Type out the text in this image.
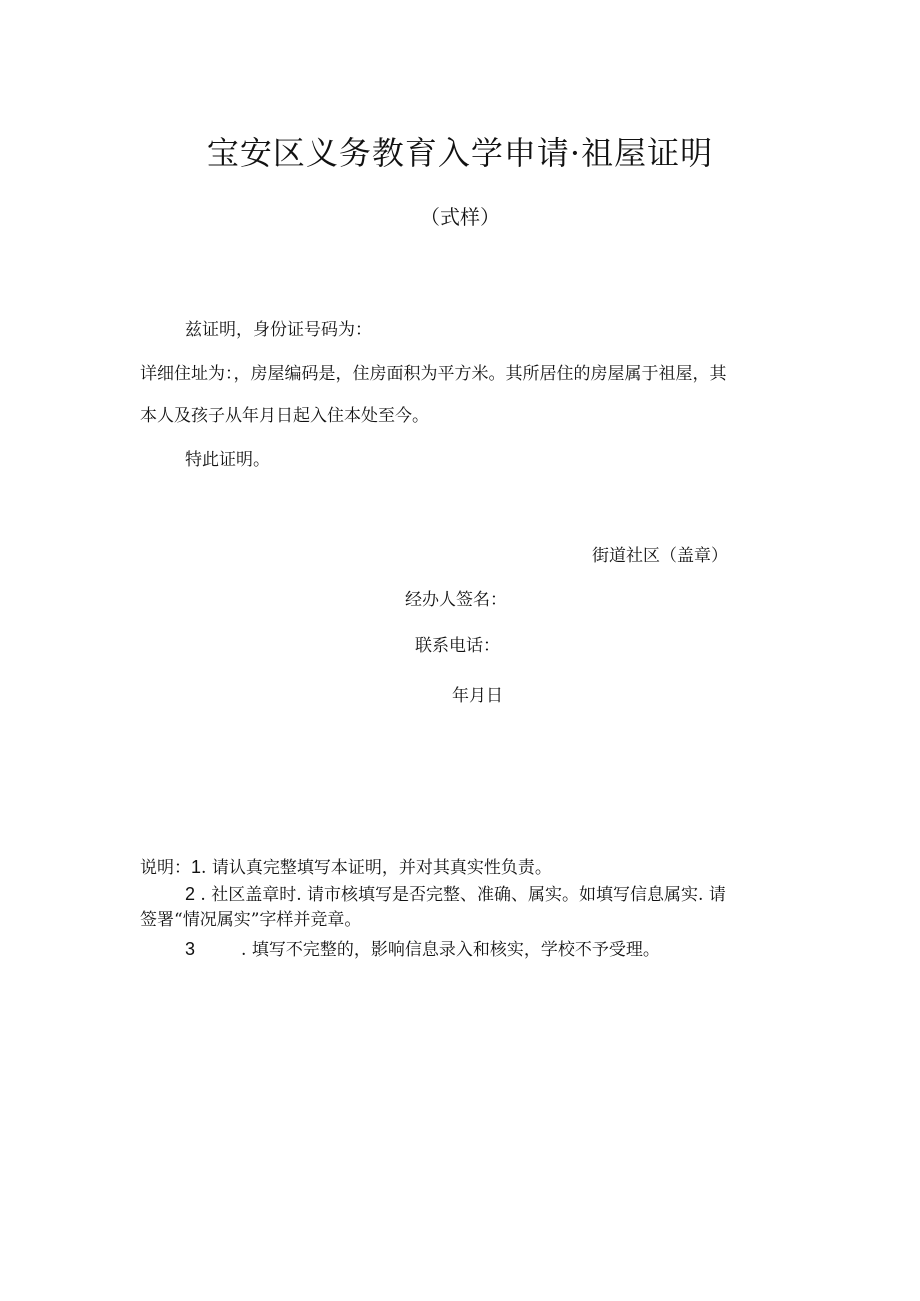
宝安区义务教育入学申请·祖屋证明
（式样）
兹证明，身份证号码为：
详细住址为：，房屋编码是，住房面积为平方米。其所居住的房屋属于祖屋，其
本人及孩子从年月日起入住本处至今。
特此证明。
街道社区（盖章）
经办人签名：
联系电话：
年月日
说明：1. 请认真完整填写本证明，并对其真实性负责。
2 . 社区盖章时. 请市核填写是否完整、准确、属实。如填写信息属实. 请
签署“情况属实”字样并竞章。
3	. 填写不完整的，影响信息录入和核实，学校不予受理。
